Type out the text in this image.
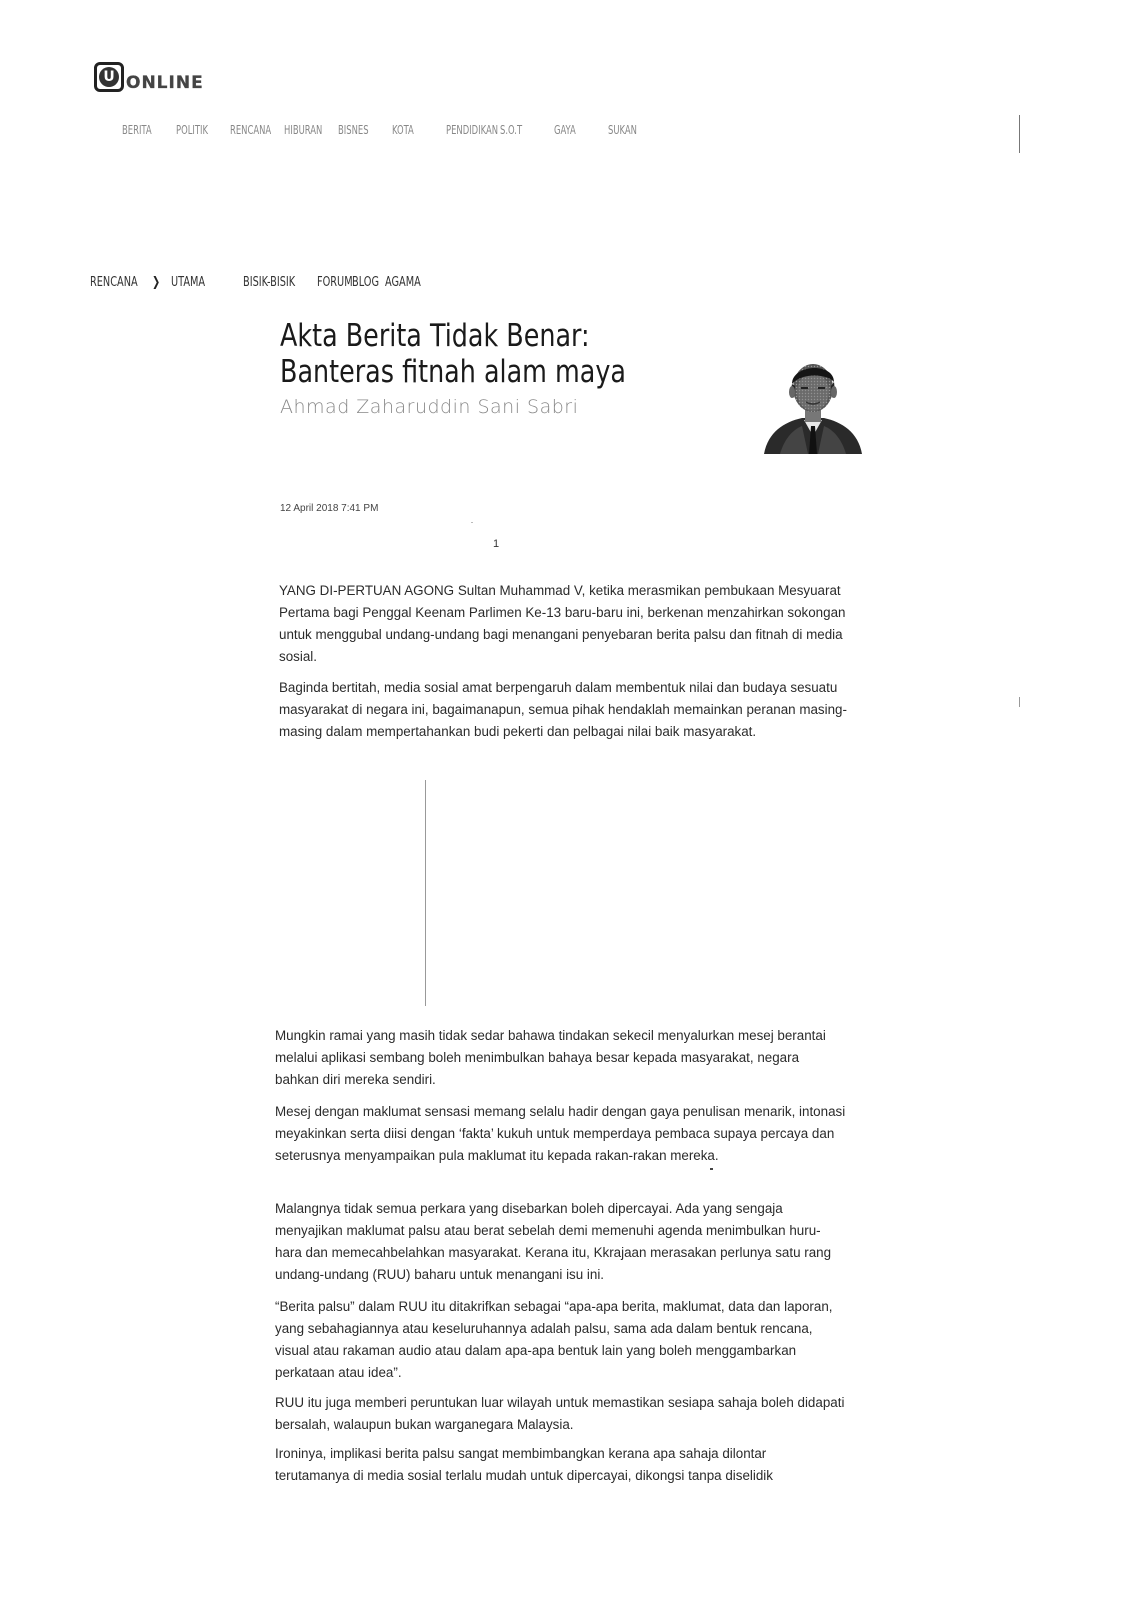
U ONLINE
BERITA POLITIK RENCANA HIBURAN BISNES KOTA	PENDIDIKAN S.O.T	GAYA	SUKAN
RENCANA	❯ UTAMA	BISIK-BISIK FORUM BLOG AGAMA
Akta Berita Tidak Benar: Banteras fitnah alam maya
Ahmad Zaharuddin Sani Sabri
12 April 2018 7:41 PM
1

YANG DI-PERTUAN AGONG Sultan Muhammad V, ketika merasmikan pembukaan Mesyuarat Pertama bagi Penggal Keenam Parlimen Ke-13 baru-baru ini, berkenan menzahirkan sokongan untuk menggubal undang-undang bagi menangani penyebaran berita palsu dan fitnah di media sosial.

Baginda bertitah, media sosial amat berpengaruh dalam membentuk nilai dan budaya sesuatu masyarakat di negara ini, bagaimanapun, semua pihak hendaklah memainkan peranan masing-masing dalam mempertahankan budi pekerti dan pelbagai nilai baik masyarakat.

Mungkin ramai yang masih tidak sedar bahawa tindakan sekecil menyalurkan mesej berantai melalui aplikasi sembang boleh menimbulkan bahaya besar kepada masyarakat, negara bahkan diri mereka sendiri.

Mesej dengan maklumat sensasi memang selalu hadir dengan gaya penulisan menarik, intonasi meyakinkan serta diisi dengan ‘fakta’ kukuh untuk memperdaya pembaca supaya percaya dan seterusnya menyampaikan pula maklumat itu kepada rakan-rakan mereka.

Malangnya tidak semua perkara yang disebarkan boleh dipercayai. Ada yang sengaja menyajikan maklumat palsu atau berat sebelah demi memenuhi agenda menimbulkan huru-hara dan memecahbelahkan masyarakat. Kerana itu, Kkrajaan merasakan perlunya satu rang undang-undang (RUU) baharu untuk menangani isu ini.

“Berita palsu” dalam RUU itu ditakrifkan sebagai “apa-apa berita, maklumat, data dan laporan, yang sebahagiannya atau keseluruhannya adalah palsu, sama ada dalam bentuk rencana, visual atau rakaman audio atau dalam apa-apa bentuk lain yang boleh menggambarkan perkataan atau idea”.

RUU itu juga memberi peruntukan luar wilayah untuk memastikan sesiapa sahaja boleh didapati bersalah, walaupun bukan warganegara Malaysia.

Ironinya, implikasi berita palsu sangat membimbangkan kerana apa sahaja dilontar terutamanya di media sosial terlalu mudah untuk dipercayai, dikongsi tanpa diselidik
